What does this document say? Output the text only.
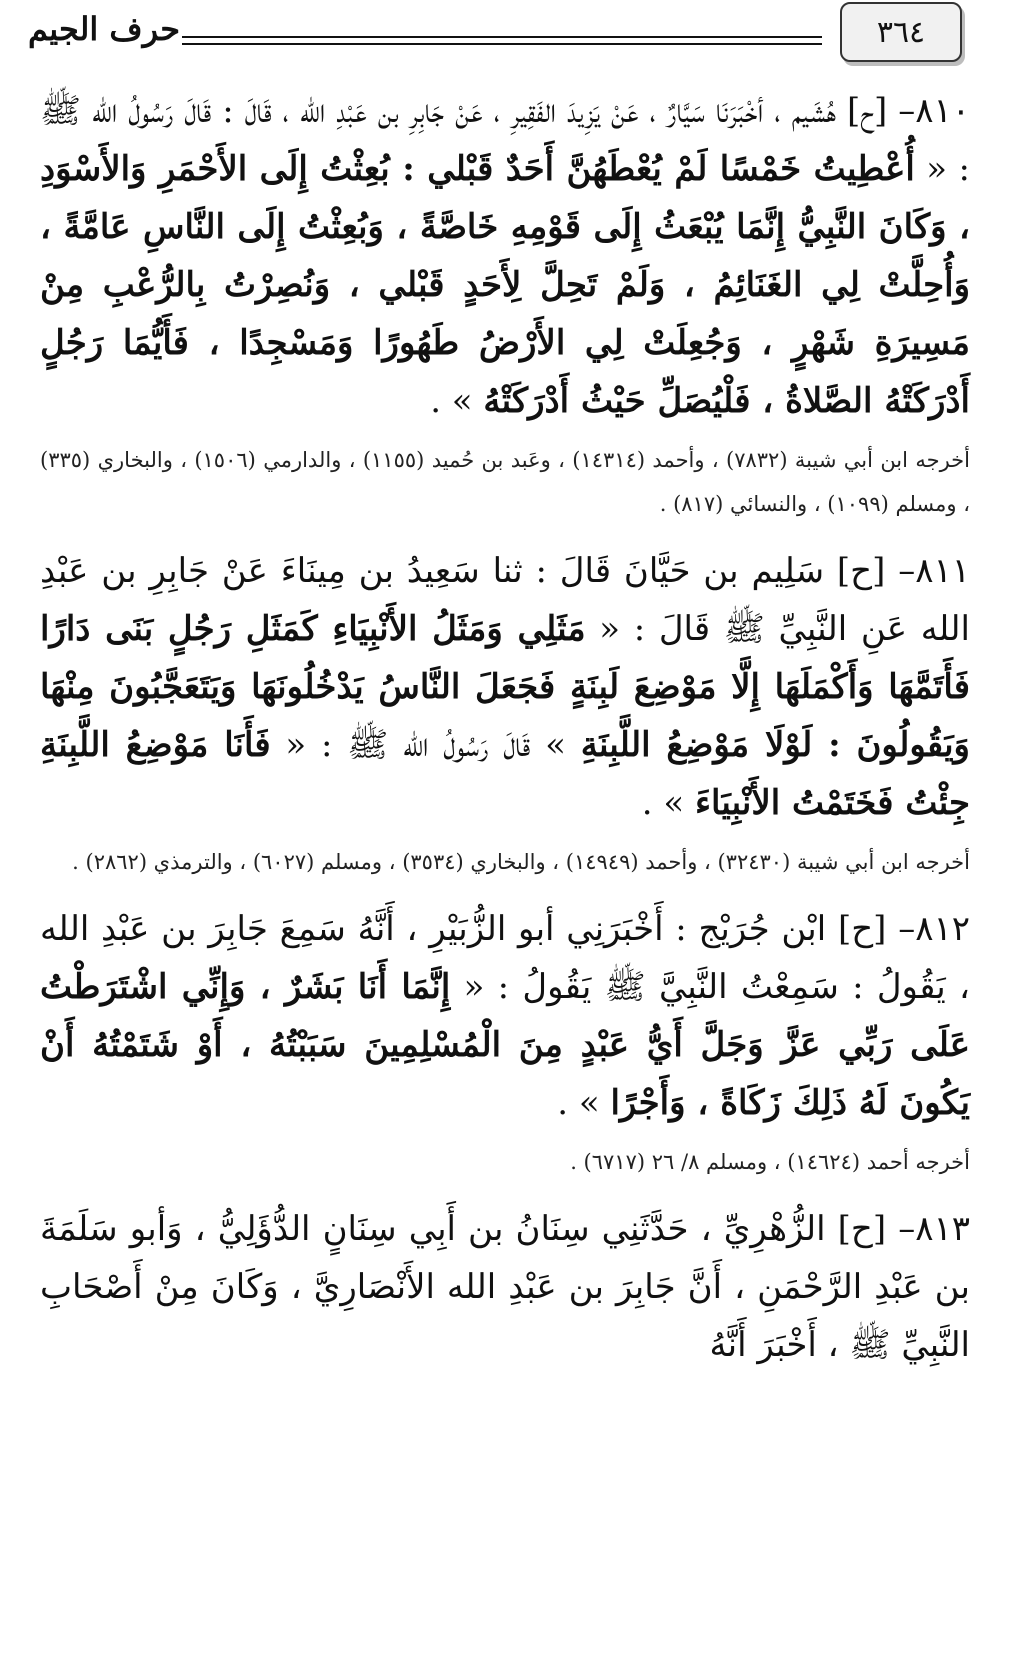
٣٦٤
حرف الجيم

٨١٠– [ح] هُشَيم ، أخْبَرَنَا سَيَّارٌ ، عَنْ يَزِيدَ الفَقِيرِ ، عَنْ جَابِرِ بن عَبْدِ الله ، قَالَ : قَالَ رَسُولُ الله ﷺ : « أُعْطِيتُ خَمْسًا لَمْ يُعْطَهُنَّ أَحَدٌ قَبْلي : بُعِثْتُ إِلَى الأَحْمَرِ وَالأَسْوَدِ ، وَكَانَ النَّبِيُّ إِنَّمَا يُبْعَثُ إِلَى قَوْمِهِ خَاصَّةً ، وَبُعِثْتُ إِلَى النَّاسِ عَامَّةً ، وَأُحِلَّتْ لِي الغَنَائِمُ ، وَلَمْ تَحِلَّ لِأَحَدٍ قَبْلي ، وَنُصِرْتُ بِالرُّعْبِ مِنْ مَسِيرَةِ شَهْرٍ ، وَجُعِلَتْ لِي الأَرْضُ طَهُورًا وَمَسْجِدًا ، فَأَيُّمَا رَجُلٍ أَدْرَكَتْهُ الصَّلاةُ ، فَلْيُصَلِّ حَيْثُ أَدْرَكَتْهُ » .

أخرجه ابن أبي شيبة (٧٨٣٢) ، وأحمد (١٤٣١٤) ، وعَبد بن حُميد (١١٥٥) ، والدارمي (١٥٠٦) ، والبخاري (٣٣٥) ، ومسلم (١٠٩٩) ، والنسائي (٨١٧) .

٨١١– [ح] سَلِيم بن حَيَّانَ قَالَ : ثنا سَعِيدُ بن مِينَاءَ عَنْ جَابِرِ بن عَبْدِ الله عَنِ النَّبِيِّ ﷺ قَالَ : « مَثَلِي وَمَثَلُ الأَنْبِيَاءِ كَمَثَلِ رَجُلٍ بَنَى دَارًا فَأَتَمَّهَا وَأَكْمَلَهَا إِلَّا مَوْضِعَ لَبِنَةٍ فَجَعَلَ النَّاسُ يَدْخُلُونَهَا وَيَتَعَجَّبُونَ مِنْهَا وَيَقُولُونَ : لَوْلَا مَوْضِعُ اللَّبِنَةِ » قَالَ رَسُولُ الله ﷺ : « فَأَنَا مَوْضِعُ اللَّبِنَةِ جِئْتُ فَخَتَمْتُ الأَنْبِيَاءَ » .

أخرجه ابن أبي شيبة (٣٢٤٣٠) ، وأحمد (١٤٩٤٩) ، والبخاري (٣٥٣٤) ، ومسلم (٦٠٢٧) ، والترمذي (٢٨٦٢) .

٨١٢– [ح] ابْن جُرَيْج : أَخْبَرَنِي أبو الزُّبَيْرِ ، أَنَّهُ سَمِعَ جَابِرَ بن عَبْدِ الله ، يَقُولُ : سَمِعْتُ النَّبِيَّ ﷺ يَقُولُ : « إِنَّمَا أَنَا بَشَرٌ ، وَإِنِّي اشْتَرَطْتُ عَلَى رَبِّي عَزَّ وَجَلَّ أَيُّ عَبْدٍ مِنَ الْمُسْلِمِينَ سَبَبْتُهُ ، أَوْ شَتَمْتُهُ أَنْ يَكُونَ لَهُ ذَلِكَ زَكَاةً ، وَأَجْرًا » .

أخرجه أحمد (١٤٦٢٤) ، ومسلم ٨/ ٢٦ (٦٧١٧) .

٨١٣– [ح] الزُّهْرِيِّ ، حَدَّثَنِي سِنَانُ بن أَبِي سِنَانٍ الدُّؤَلِيُّ ، وَأبو سَلَمَةَ بن عَبْدِ الرَّحْمَنِ ، أَنَّ جَابِرَ بن عَبْدِ الله الأَنْصَارِيَّ ، وَكَانَ مِنْ أَصْحَابِ النَّبِيِّ ﷺ ، أَخْبَرَ أَنَّهُ
